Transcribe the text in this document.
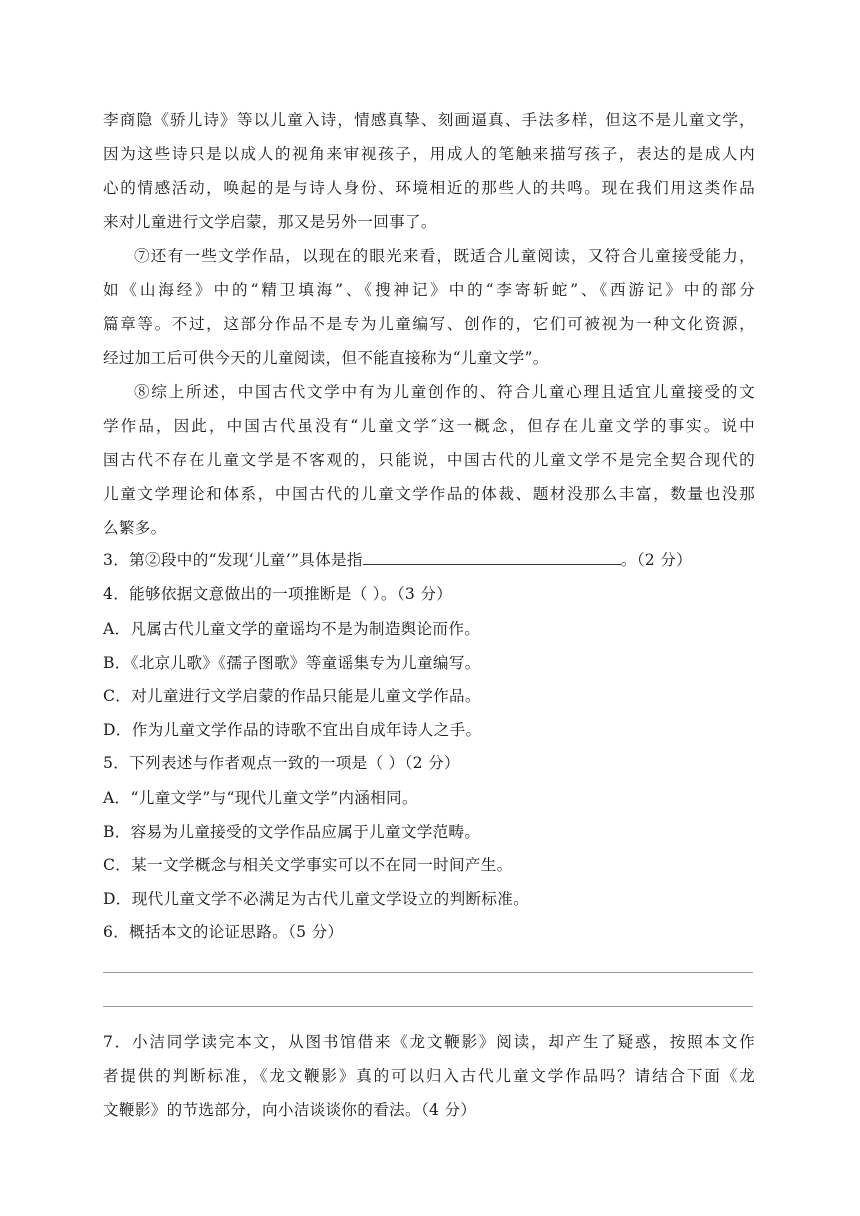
李商隐《骄儿诗》等以儿童入诗，情感真挚、刻画逼真、手法多样，但这不是儿童文学，
因为这些诗只是以成人的视角来审视孩子，用成人的笔触来描写孩子，表达的是成人内
心的情感活动，唤起的是与诗人身份、环境相近的那些人的共鸣。现在我们用这类作品
来对儿童进行文学启蒙，那又是另外一回事了。
⑦还有一些文学作品，以现在的眼光来看，既适合儿童阅读，又符合儿童接受能力，
如《山海经》中的“精卫填海”、《搜神记》中的“李寄斩蛇”、《西游记》中的部分
篇章等。不过，这部分作品不是专为儿童编写、创作的，它们可被视为一种文化资源，
经过加工后可供今天的儿童阅读，但不能直接称为“儿童文学”。
⑧综上所述，中国古代文学中有为儿童创作的、符合儿童心理且适宜儿童接受的文
学作品，因此，中国古代虽没有“儿童文学″这一概念，但存在儿童文学的事实。说中
国古代不存在儿童文学是不客观的，只能说，中国古代的儿童文学不是完全契合现代的
儿童文学理论和体系，中国古代的儿童文学作品的体裁、题材没那么丰富，数量也没那
么繁多。
3．第②段中的“发现‘儿童’”具体是指	。（2 分）
4．能够依据文意做出的一项推断是（ ）。（3 分）
A．凡属古代儿童文学的童谣均不是为制造舆论而作。
B．《北京儿歌》《孺子图歌》等童谣集专为儿童编写。
C．对儿童进行文学启蒙的作品只能是儿童文学作品。
D．作为儿童文学作品的诗歌不宜出自成年诗人之手。
5．下列表述与作者观点一致的一项是（ ）（2 分）
A．“儿童文学”与“现代儿童文学”内涵相同。
B．容易为儿童接受的文学作品应属于儿童文学范畴。
C．某一文学概念与相关文学事实可以不在同一时间产生。
D．现代儿童文学不必满足为古代儿童文学设立的判断标准。
6．概括本文的论证思路。（5 分）
7．小洁同学读完本文，从图书馆借来《龙文鞭影》阅读，却产生了疑惑，按照本文作
者提供的判断标准，《龙文鞭影》真的可以归入古代儿童文学作品吗？请结合下面《龙
文鞭影》的节选部分，向小洁谈谈你的看法。（4 分）
